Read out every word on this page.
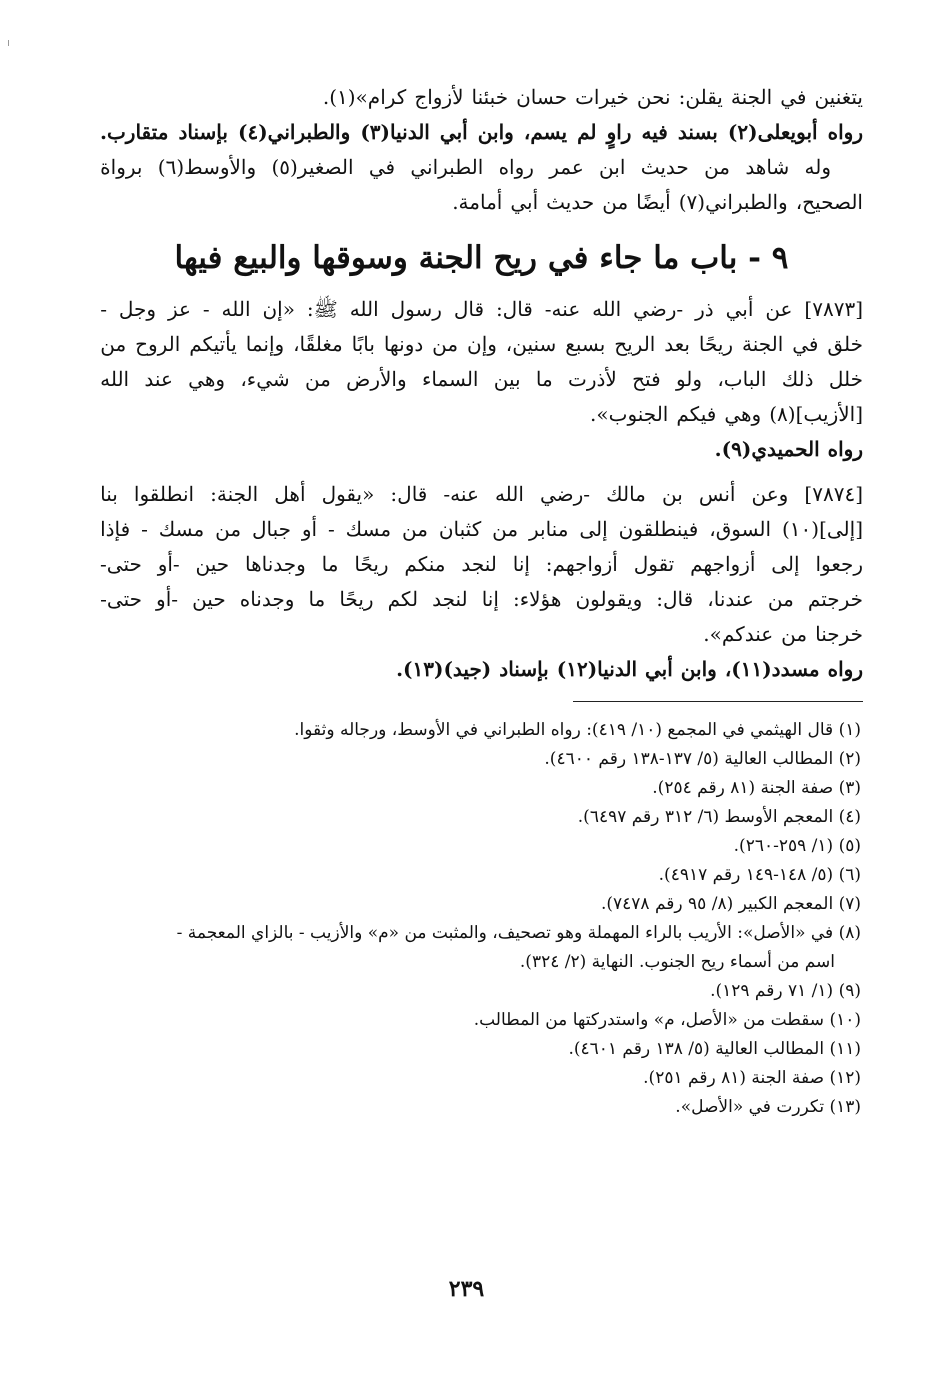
يتغنين
في
الجنة
يقلن:
نحن
خيرات
حسان
خبئنا
لأزواج
كرام»(١).
رواه
أبويعلى(٢)
بسند
فيه
راوٍ
لم
يسم،
وابن
أبي
الدنيا(٣)
والطبراني(٤)
بإسناد
متقارب.
وله
شاهد
من
حديث
ابن
عمر
رواه
الطبراني
في
الصغير(٥)
والأوسط(٦)
برواة
الصحيح،
والطبراني(٧)
أيضًا
من
حديث
أبي
أمامة.
٩ - باب ما جاء في ريح الجنة وسوقها والبيع فيها
[٧٨٧٣]
عن
أبي
ذر
-رضي
الله
عنه-
قال:
قال
رسول
الله
ﷺ:
«إن
الله
-
عز
وجل
-
خلق
في
الجنة
ريحًا
بعد
الريح
بسبع
سنين،
وإن
من
دونها
بابًا
مغلقًا،
وإنما
يأتيكم
الروح
من
خلل
ذلك
الباب،
ولو
فتح
لأذرت
ما
بين
السماء
والأرض
من
شيء،
وهي
عند
الله
[الأزيب](٨)
وهي
فيكم
الجنوب».
رواه
الحميدي(٩).
[٧٨٧٤]
وعن
أنس
بن
مالك
-رضي
الله
عنه-
قال:
«يقول
أهل
الجنة:
انطلقوا
بنا
[إلى](١٠)
السوق،
فينطلقون
إلى
منابر
من
كثبان
من
مسك
-
أو
جبال
من
مسك
-
فإذا
رجعوا
إلى
أزواجهم
تقول
أزواجهم:
إنا
لنجد
منكم
ريحًا
ما
وجدناها
حين
-أو
حتى-
خرجتم
من
عندنا،
قال:
ويقولون
هؤلاء:
إنا
لنجد
لكم
ريحًا
ما
وجدناه
حين
-أو
حتى-
خرجنا
من
عندكم».
رواه
مسدد(١١)،
وابن
أبي
الدنيا(١٢)
بإسناد
(جيد)(١٣).
(١) قال الهيثمي في المجمع (١٠/ ٤١٩): رواه الطبراني في الأوسط، ورجاله وثقوا.
(٢) المطالب العالية (٥/ ١٣٧-١٣٨ رقم ٤٦٠٠).
(٣) صفة الجنة (٨١ رقم ٢٥٤).
(٤) المعجم الأوسط (٦/ ٣١٢ رقم ٦٤٩٧).
(٥) (١/ ٢٥٩-٢٦٠).
(٦) (٥/ ١٤٨-١٤٩ رقم ٤٩١٧).
(٧) المعجم الكبير (٨/ ٩٥ رقم ٧٤٧٨).
(٨) في «الأصل»: الأريب بالراء المهملة وهو تصحيف، والمثبت من «م» والأزيب - بالزاي المعجمة -
اسم من أسماء ريح الجنوب. النهاية (٢/ ٣٢٤).
(٩) (١/ ٧١ رقم ١٢٩).
(١٠) سقطت من «الأصل، م» واستدركتها من المطالب.
(١١) المطالب العالية (٥/ ١٣٨ رقم ٤٦٠١).
(١٢) صفة الجنة (٨١ رقم ٢٥١).
(١٣) تكررت في «الأصل».
٢٣٩
